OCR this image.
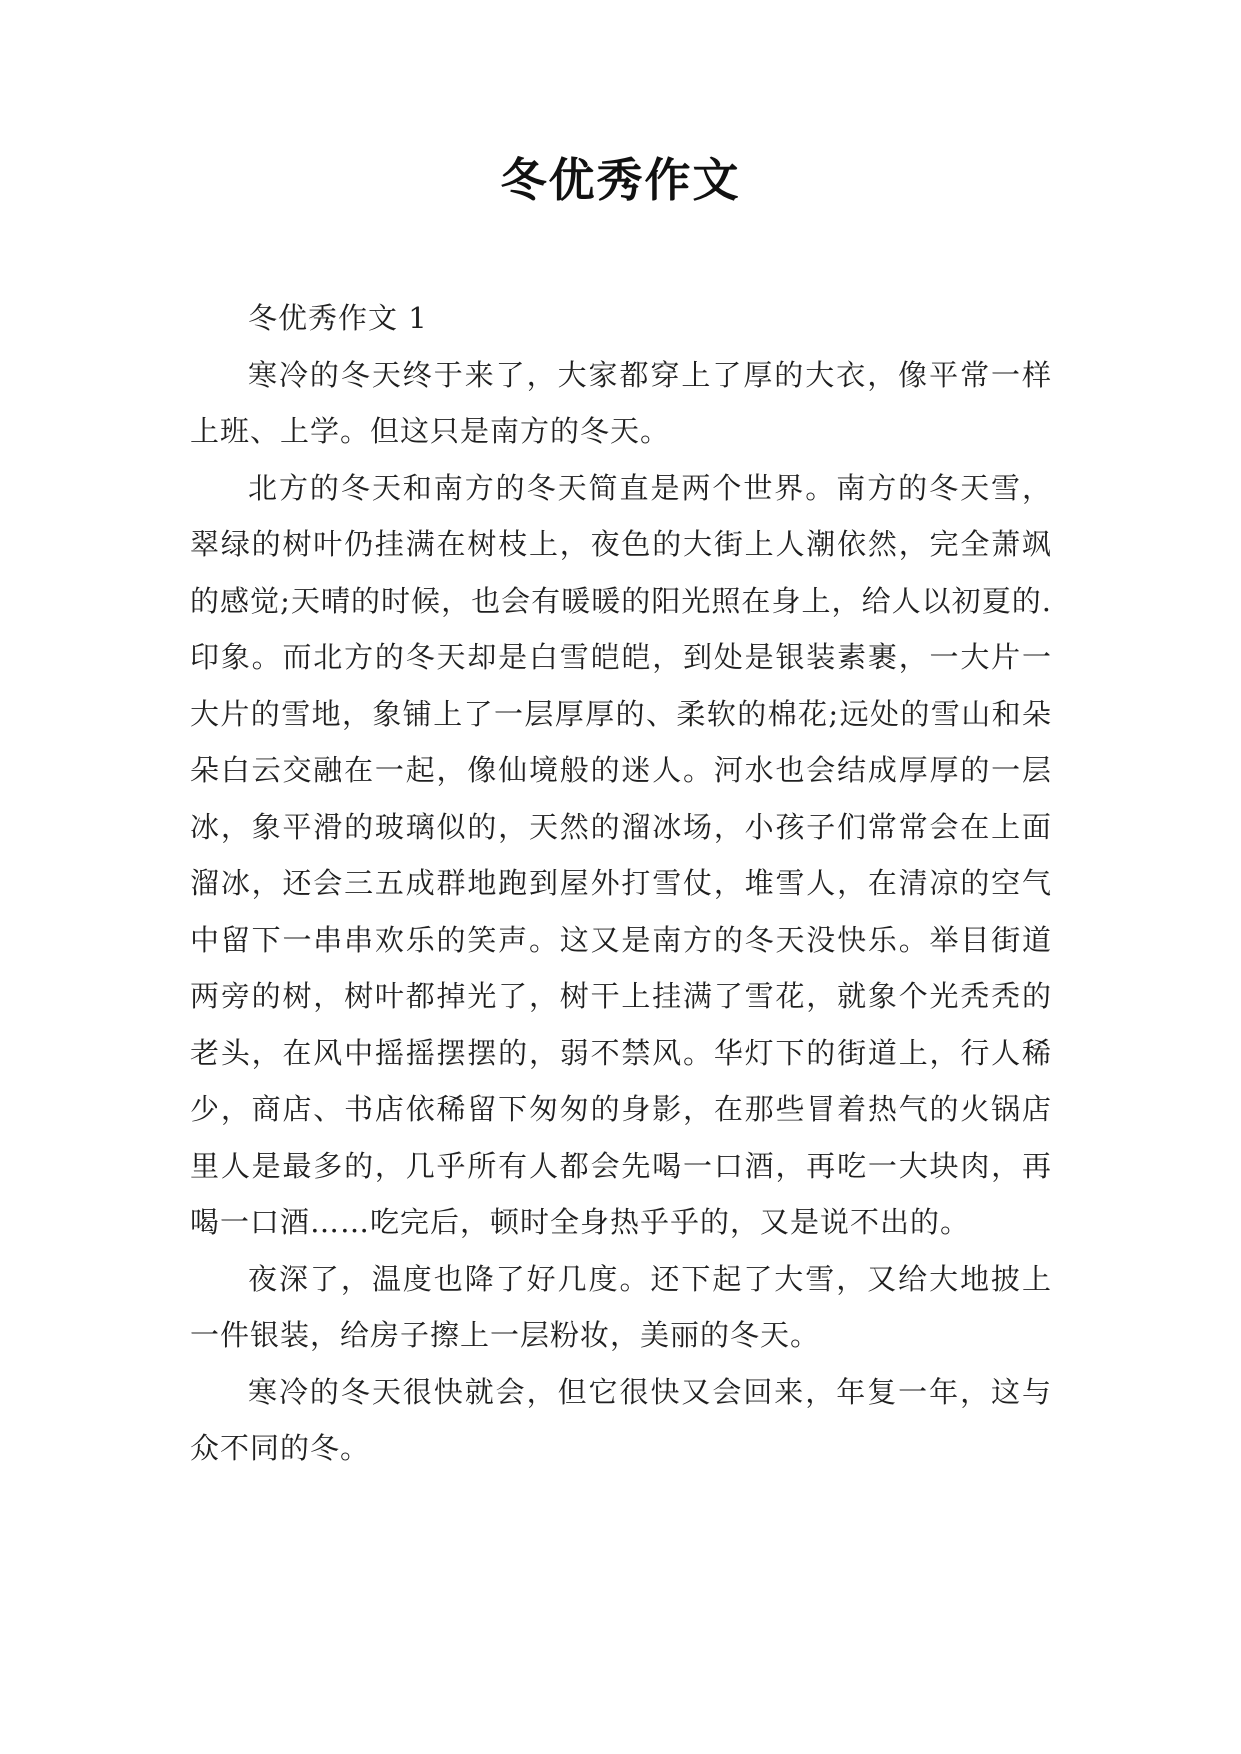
冬优秀作文

冬优秀作文 1

寒冷的冬天终于来了，大家都穿上了厚的大衣，像平常一样上班、上学。但这只是南方的冬天。

北方的冬天和南方的冬天简直是两个世界。南方的冬天雪，翠绿的树叶仍挂满在树枝上，夜色的大街上人潮依然，完全萧飒的感觉;天晴的时候，也会有暖暖的阳光照在身上，给人以初夏的.印象。而北方的冬天却是白雪皑皑，到处是银装素裹，一大片一大片的雪地，象铺上了一层厚厚的、柔软的棉花;远处的雪山和朵朵白云交融在一起，像仙境般的迷人。河水也会结成厚厚的一层冰，象平滑的玻璃似的，天然的溜冰场，小孩子们常常会在上面溜冰，还会三五成群地跑到屋外打雪仗，堆雪人，在清凉的空气中留下一串串欢乐的笑声。这又是南方的冬天没快乐。举目街道两旁的树，树叶都掉光了，树干上挂满了雪花，就象个光秃秃的老头，在风中摇摇摆摆的，弱不禁风。华灯下的街道上，行人稀少，商店、书店依稀留下匆匆的身影，在那些冒着热气的火锅店里人是最多的，几乎所有人都会先喝一口酒，再吃一大块肉，再喝一口酒……吃完后，顿时全身热乎乎的，又是说不出的。

夜深了，温度也降了好几度。还下起了大雪，又给大地披上一件银装，给房子擦上一层粉妆，美丽的冬天。

寒冷的冬天很快就会，但它很快又会回来，年复一年，这与众不同的冬。
